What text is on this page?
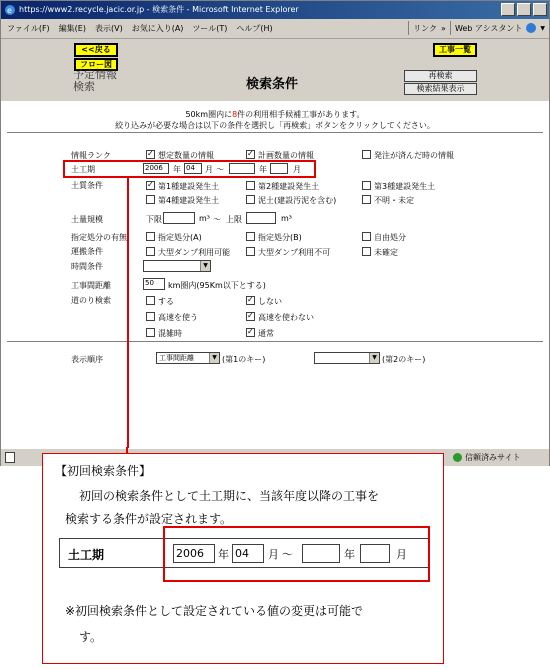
e https://www2.recycle.jacic.or.jp - 検索条件 - Microsoft Internet Explorer
ファイル(F) 編集(E) 表示(V) お気に入り(A) ツール(T) ヘルプ(H)	リンク » Web アシスタント	▼
<<戻る
フロー図
工事一覧
予定情報
検索	検索条件
再検索
検索結果表示
50km圏内に8件の利用相手候補工事があります。
絞り込みが必要な場合は以下の条件を選択し「再検索」ボタンをクリックしてください。
情報ランク ✓	想定数量の情報 ✓	計画数量の情報	発注が済んだ時の情報
土工期	2006	年 04	月 ～	年	月
土質条件 ✓	第1種建設発生土	第2種建設発生土	第3種建設発生土
第4種建設発生土	泥土(建設汚泥を含む)	不明・未定
土量規模	下限	m³ ～ 上限	m³
指定処分の有無	指定処分(A)	指定処分(B)	自由処分
運搬条件	大型ダンプ利用可能	大型ダンプ利用不可	未確定
時間条件	▼
工事間距離	50	km圏内(95Km以下とする)
道のり検索	する ✓	しない
高速を使う ✓	高速を使わない
混雑時 ✓	通常
表示順序	工事間距離	▼ (第1のキー)	▼ (第2のキー)
信頼済みサイト
【初回検索条件】
初回の検索条件として土工期に、当該年度以降の工事を
検索する条件が設定されます。
土工期	2006	年 04	月 ～	年	月
※初回検索条件として設定されている値の変更は可能で
す。
